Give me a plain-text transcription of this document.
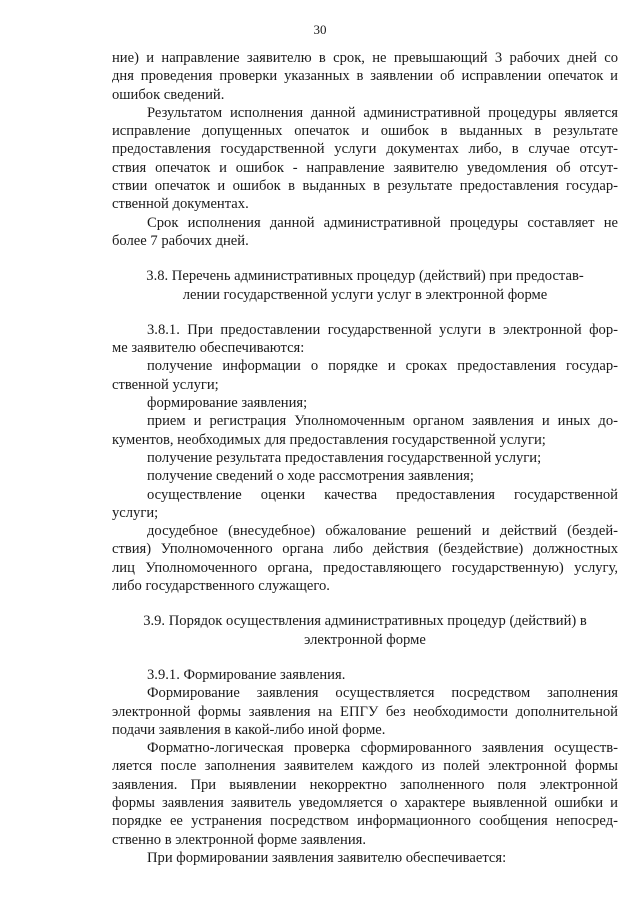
30
ние) и направление заявителю в срок, не превышающий 3 рабочих дней со
дня проведения проверки указанных в заявлении об исправлении опечаток и
ошибок сведений.
Результатом исполнения данной административной процедуры является
исправление допущенных опечаток и ошибок в выданных в результате
предоставления государственной услуги документах либо, в случае отсут-
ствия опечаток и ошибок - направление заявителю уведомления об отсут-
ствии опечаток и ошибок в выданных в результате предоставления государ-
ственной документах.
Срок исполнения данной административной процедуры составляет не
более 7 рабочих дней.
3.8. Перечень административных процедур (действий) при предостав-
лении государственной услуги услуг в электронной форме
3.8.1. При предоставлении государственной услуги в электронной фор-
ме заявителю обеспечиваются:
получение информации о порядке и сроках предоставления государ-
ственной услуги;
формирование заявления;
прием и регистрация Уполномоченным органом заявления и иных до-
кументов, необходимых для предоставления государственной услуги;
получение результата предоставления государственной услуги;
получение сведений о ходе рассмотрения заявления;
осуществление оценки качества предоставления государственной
услуги;
досудебное (внесудебное) обжалование решений и действий (бездей-
ствия) Уполномоченного органа либо действия (бездействие) должностных
лиц Уполномоченного органа, предоставляющего государственную) услугу,
либо государственного служащего.
3.9. Порядок осуществления административных процедур (действий) в
электронной форме
3.9.1. Формирование заявления.
Формирование заявления осуществляется посредством заполнения
электронной формы заявления на ЕПГУ без необходимости дополнительной
подачи заявления в какой-либо иной форме.
Форматно-логическая проверка сформированного заявления осуществ-
ляется после заполнения заявителем каждого из полей электронной формы
заявления. При выявлении некорректно заполненного поля электронной
формы заявления заявитель уведомляется о характере выявленной ошибки и
порядке ее устранения посредством информационного сообщения непосред-
ственно в электронной форме заявления.
При формировании заявления заявителю обеспечивается:
